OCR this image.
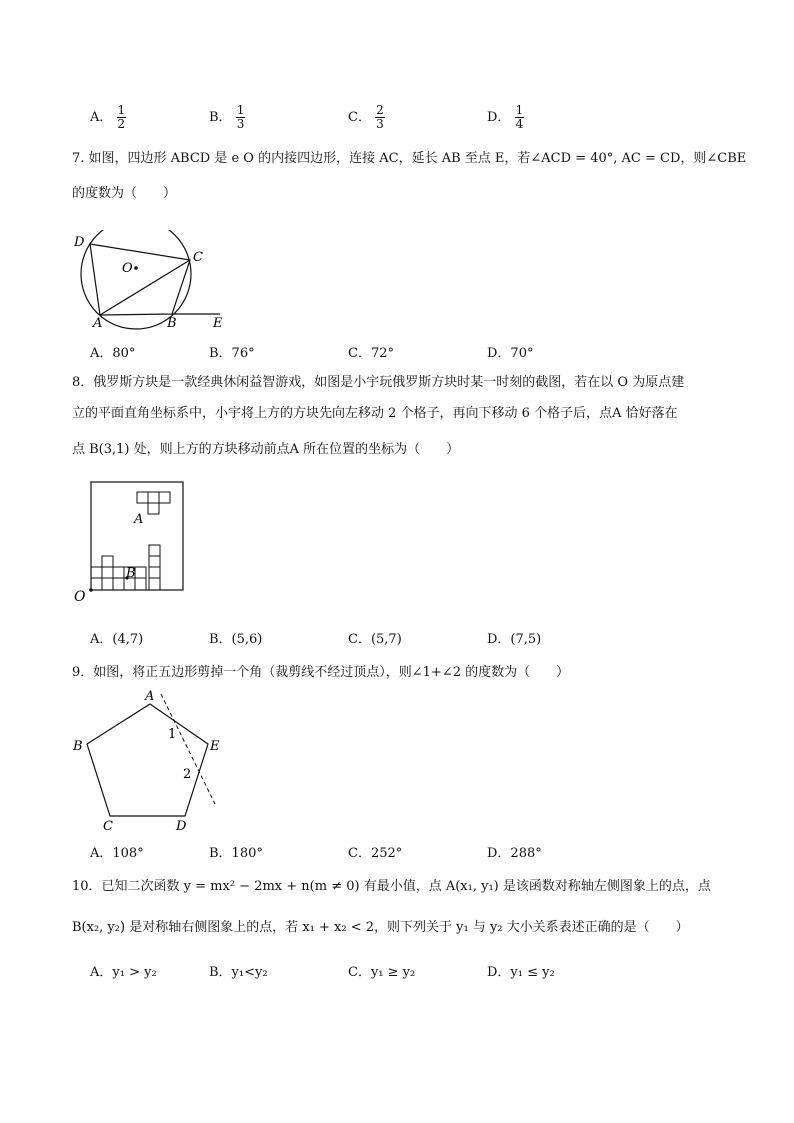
A． $\frac{1}{2}$	B． $\frac{1}{3}$	C． $\frac{2}{3}$	D． $\frac{1}{4}$
7. 如图，四边形 ABCD 是 e O 的内接四边形，连接 AC，延长 AB 至点 E，若∠ACD = 40°, AC = CD，则∠CBE
的度数为（　　）
D
C
O
A	B	E
A．80°	B．76°	C．72°	D．70°
8．俄罗斯方块是一款经典休闲益智游戏，如图是小宇玩俄罗斯方块时某一时刻的截图，若在以 O 为原点建
立的平面直角坐标系中，小宇将上方的方块先向左移动 2 个格子，再向下移动 6 个格子后，点A 恰好落在
点 B(3,1) 处，则上方的方块移动前点A 所在位置的坐标为（　　）
A
B
O
A．(4,7)	B．(5,6)	C．(5,7)	D．(7,5)
9．如图，将正五边形剪掉一个角（裁剪线不经过顶点），则∠1+∠2 的度数为（　　）
A
B
C	D
E
1
2
A．108°	B．180°	C．252°	D．288°
10．已知二次函数 y = mx² − 2mx + n(m ≠ 0) 有最小值，点 A(x₁, y₁) 是该函数对称轴左侧图象上的点，点
B(x₂, y₂) 是对称轴右侧图象上的点，若 x₁ + x₂ < 2，则下列关于 y₁ 与 y₂ 大小关系表述正确的是（　　）
A．y₁ > y₂	B．y₁<y₂	C．y₁ ≥ y₂	D．y₁ ≤ y₂
